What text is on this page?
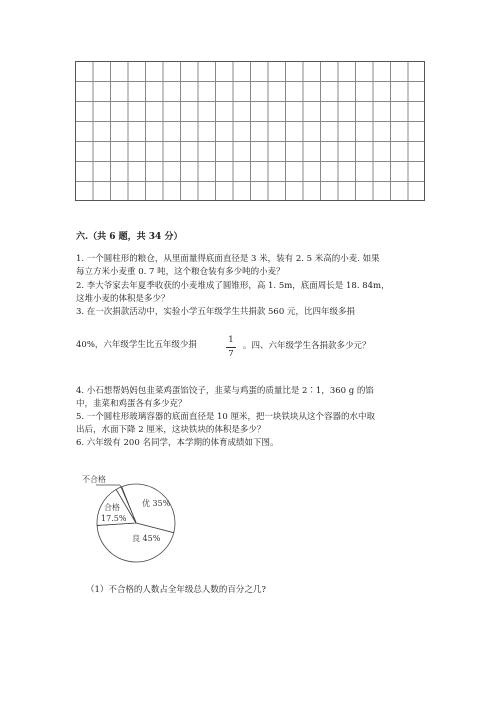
六.（共 6 题，共 34 分）
1. 一个圆柱形的粮仓，从里面量得底面直径是 3 米，装有 2. 5 米高的小麦. 如果
每立方米小麦重 0. 7 吨，这个粮仓装有多少吨的小麦？
2. 李大爷家去年夏季收获的小麦堆成了圆锥形，高 1. 5m，底面周长是 18. 84m，
这堆小麦的体积是多少？
3. 在一次捐款活动中，实验小学五年级学生共捐款 560 元，比四年级多捐
40%，六年级学生比五年级少捐	1
7
。四、六年级学生各捐款多少元？
4. 小石想帮妈妈包韭菜鸡蛋馅饺子，韭菜与鸡蛋的质量比是 2∶1，360 g 的馅
中，韭菜和鸡蛋各有多少克？
5. 一个圆柱形玻璃容器的底面直径是 10 厘米，把一块铁块从这个容器的水中取
出后，水面下降 2 厘米，这块铁块的体积是多少？
6. 六年级有 200 名同学，本学期的体育成绩如下图。
不合格
合格
17.5%
优 35%
良 45%
（1）不合格的人数占全年级总人数的百分之几?
